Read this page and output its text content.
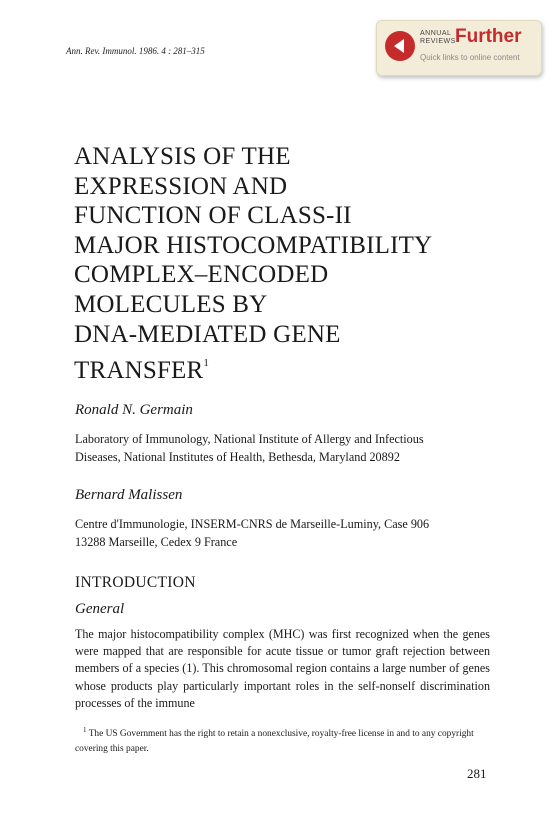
Ann. Rev. Immunol. 1986. 4 : 281–315
ANNUAL
REVIEWS Further
Quick links to online content
ANALYSIS OF THE
EXPRESSION AND
FUNCTION OF CLASS-II
MAJOR HISTOCOMPATIBILITY
COMPLEX–ENCODED
MOLECULES BY
DNA-MEDIATED GENE
TRANSFER$^1$
Ronald N. Germain
Laboratory of Immunology, National Institute of Allergy and Infectious
Diseases, National Institutes of Health, Bethesda, Maryland 20892
Bernard Malissen
Centre d'Immunologie, INSERM-CNRS de Marseille-Luminy, Case 906
13288 Marseille, Cedex 9 France
INTRODUCTION
General
The major histocompatibility complex (MHC) was first recognized when the genes were mapped that are responsible for acute tissue or tumor graft rejection between members of a species (1). This chromosomal region contains a large number of genes whose products play particularly important roles in the self-nonself discrimination processes of the immune
$^1$ The US Government has the right to retain a nonexclusive, royalty-free license in and to any copyright covering this paper.
281
